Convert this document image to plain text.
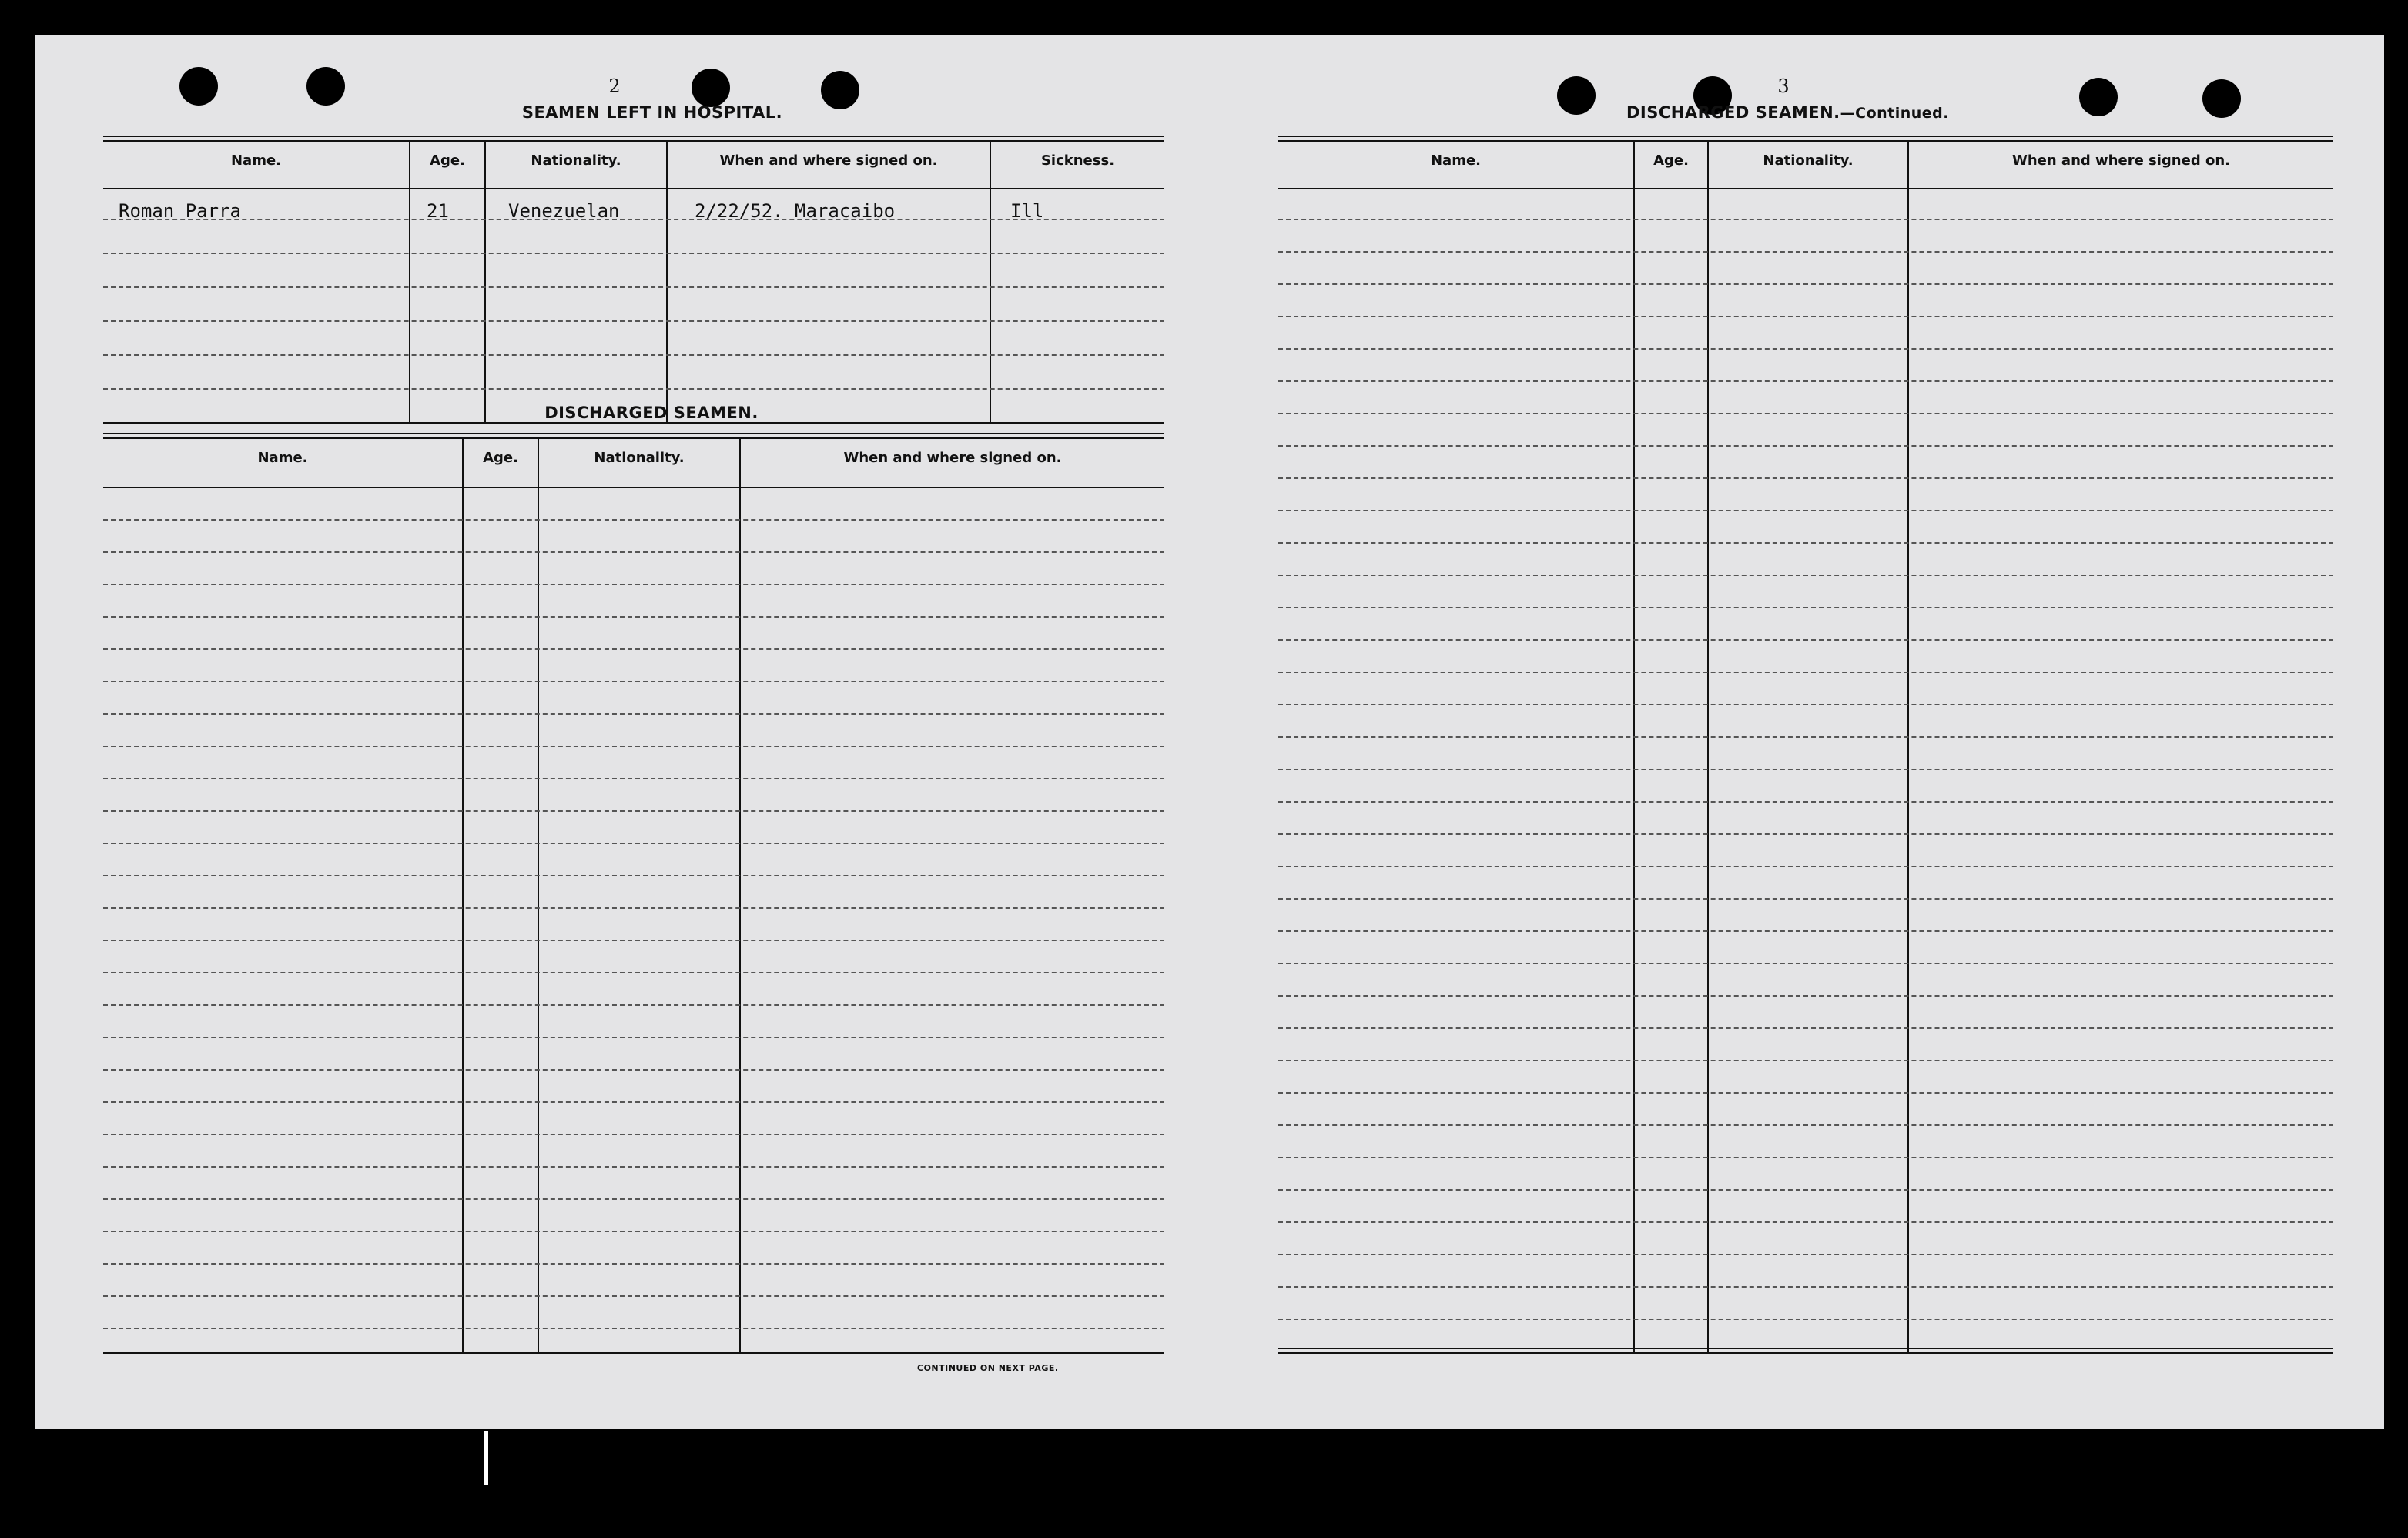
2
SEAMEN LEFT IN HOSPITAL.
Name.	Age.	Nationality.	When and where signed on.	Sickness.
Roman Parra	21	Venezuelan	2/22/52. Maracaibo	Ill
DISCHARGED SEAMEN.
Name.	Age.	Nationality.	When and where signed on.
CONTINUED ON NEXT PAGE.
3
DISCHARGED SEAMEN.—Continued.
Name.	Age.	Nationality.	When and where signed on.
